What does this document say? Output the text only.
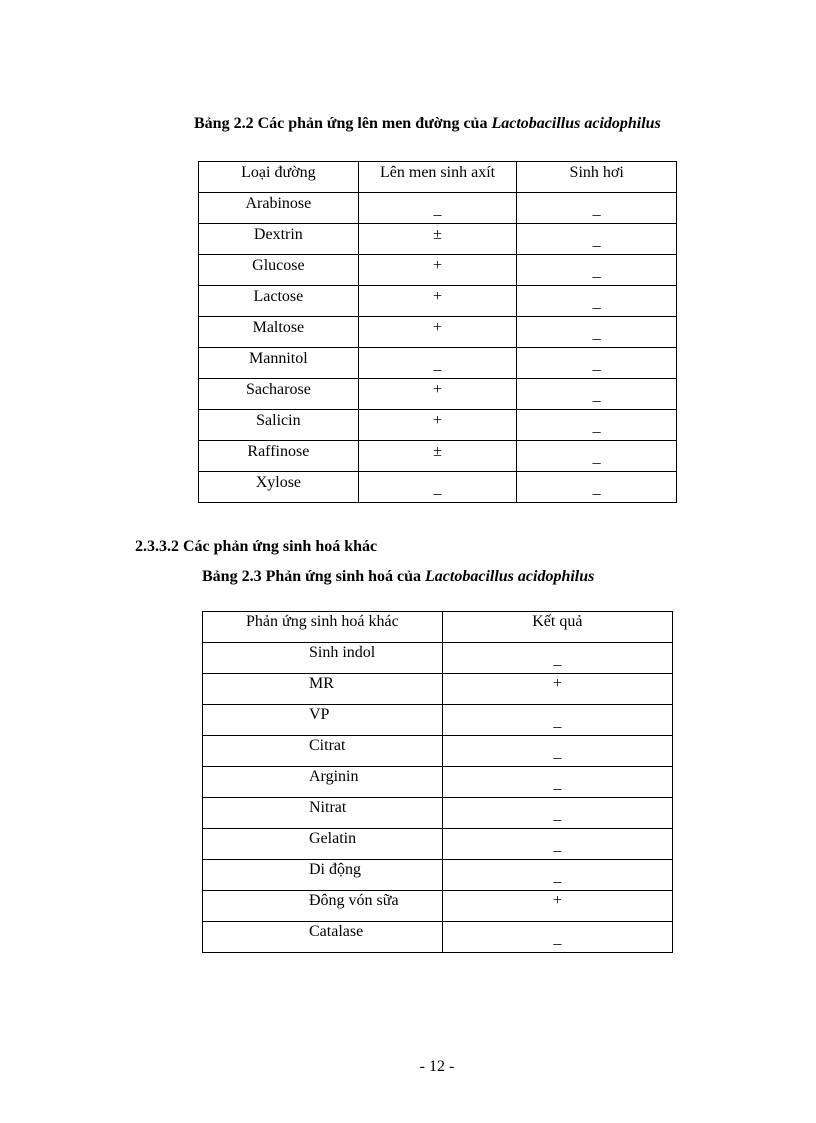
Bảng 2.2 Các phản ứng lên men đường của Lactobacillus acidophilus
Loại đường	Lên men sinh axít	Sinh hơi
Arabinose	_	_
Dextrin	±	_
Glucose	+	_
Lactose	+	_
Maltose	+	_
Mannitol	_	_
Sacharose	+	_
Salicin	+	_
Raffinose	±	_
Xylose	_	_
2.3.3.2 Các phản ứng sinh hoá khác
Bảng 2.3 Phản ứng sinh hoá của Lactobacillus acidophilus
Phản ứng sinh hoá khác	Kết quả
Sinh indol	_
MR	+
VP	_
Citrat	_
Arginin	_
Nitrat	_
Gelatin	_
Di động	_
Đông vón sữa	+
Catalase	_
- 12 -
